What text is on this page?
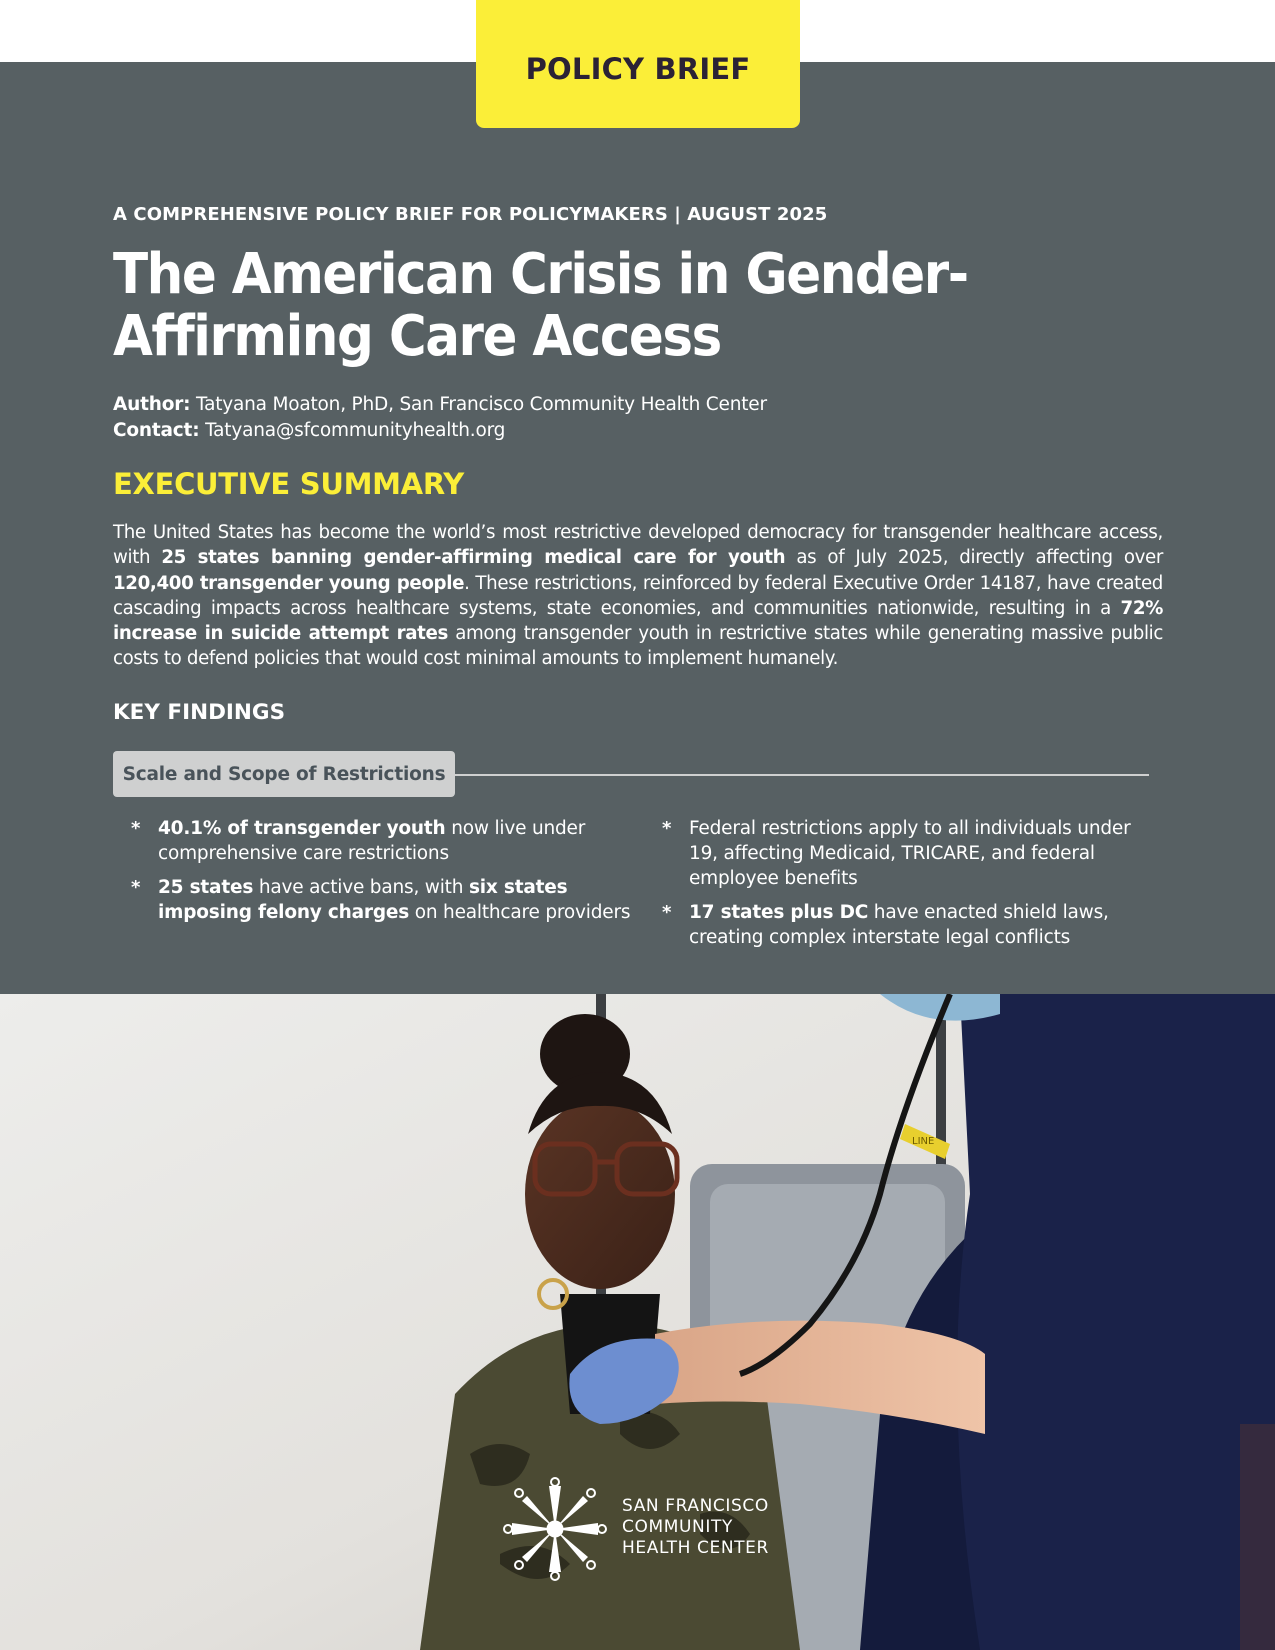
POLICY BRIEF
A COMPREHENSIVE POLICY BRIEF FOR POLICYMAKERS | AUGUST 2025
The American Crisis in Gender-Affirming Care Access
Author: Tatyana Moaton, PhD, San Francisco Community Health Center
Contact: Tatyana@sfcommunityhealth.org
EXECUTIVE SUMMARY
The United States has become the world’s most restrictive developed democracy for transgender healthcare access, with 25 states banning gender-affirming medical care for youth as of July 2025, directly affecting over 120,400 transgender young people. These restrictions, reinforced by federal Executive Order 14187, have created cascading impacts across healthcare systems, state economies, and communities nationwide, resulting in a 72% increase in suicide attempt rates among transgender youth in restrictive states while generating massive public costs to defend policies that would cost minimal amounts to implement humanely.
KEY FINDINGS
Scale and Scope of Restrictions
* 40.1% of transgender youth now live under comprehensive care restrictions
* 25 states have active bans, with six states imposing felony charges on healthcare providers
* Federal restrictions apply to all individuals under 19, affecting Medicaid, TRICARE, and federal employee benefits
* 17 states plus DC have enacted shield laws, creating complex interstate legal conflicts
LINE
SAN FRANCISCO
COMMUNITY
HEALTH CENTER
